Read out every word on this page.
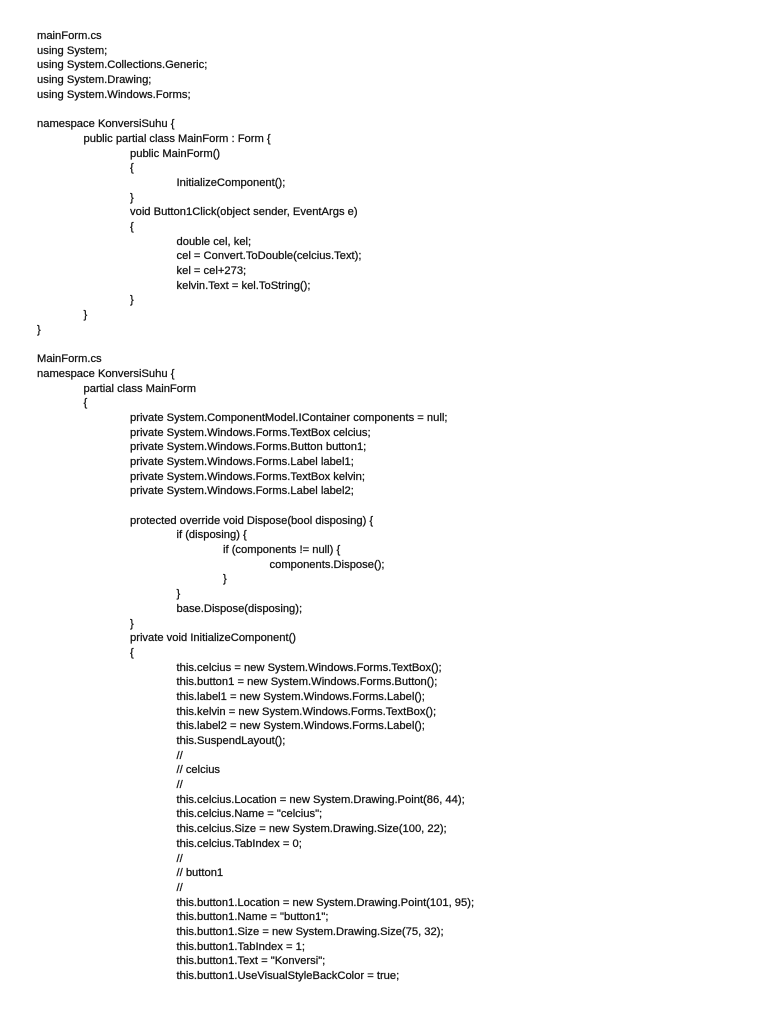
mainForm.cs
using System;
using System.Collections.Generic;
using System.Drawing;
using System.Windows.Forms;
namespace KonversiSuhu {
public partial class MainForm : Form {
public MainForm()
{
InitializeComponent();
}
void Button1Click(object sender, EventArgs e)
{
double cel, kel;
cel = Convert.ToDouble(celcius.Text);
kel = cel+273;
kelvin.Text = kel.ToString();
}
}
}
MainForm.cs
namespace KonversiSuhu {
partial class MainForm
{
private System.ComponentModel.IContainer components = null;
private System.Windows.Forms.TextBox celcius;
private System.Windows.Forms.Button button1;
private System.Windows.Forms.Label label1;
private System.Windows.Forms.TextBox kelvin;
private System.Windows.Forms.Label label2;
protected override void Dispose(bool disposing) {
if (disposing) {
if (components != null) {
components.Dispose();
}
}
base.Dispose(disposing);
}
private void InitializeComponent()
{
this.celcius = new System.Windows.Forms.TextBox();
this.button1 = new System.Windows.Forms.Button();
this.label1 = new System.Windows.Forms.Label();
this.kelvin = new System.Windows.Forms.TextBox();
this.label2 = new System.Windows.Forms.Label();
this.SuspendLayout();
//
// celcius
//
this.celcius.Location = new System.Drawing.Point(86, 44);
this.celcius.Name = "celcius";
this.celcius.Size = new System.Drawing.Size(100, 22);
this.celcius.TabIndex = 0;
//
// button1
//
this.button1.Location = new System.Drawing.Point(101, 95);
this.button1.Name = "button1";
this.button1.Size = new System.Drawing.Size(75, 32);
this.button1.TabIndex = 1;
this.button1.Text = "Konversi";
this.button1.UseVisualStyleBackColor = true;
